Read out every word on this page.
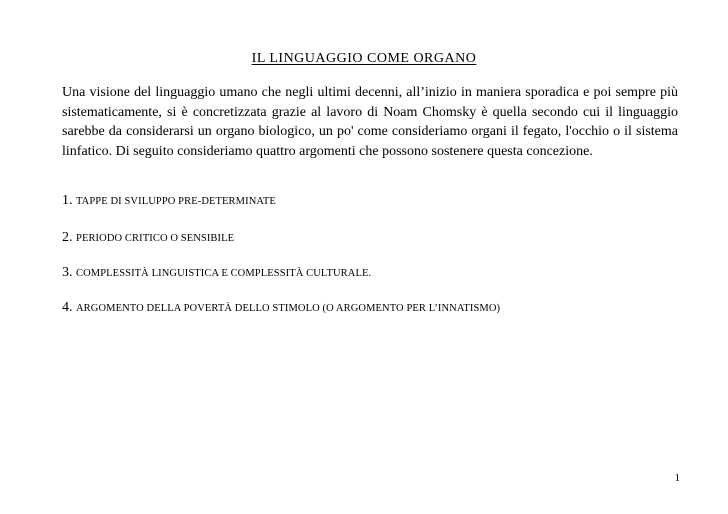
IL LINGUAGGIO COME ORGANO

Una visione del linguaggio umano che negli ultimi decenni, all’inizio in maniera sporadica e poi sempre più sistematicamente, si è concretizzata grazie al lavoro di Noam Chomsky è quella secondo cui il linguaggio sarebbe da considerarsi un organo biologico, un po' come consideriamo organi il fegato, l'occhio o il sistema linfatico. Di seguito consideriamo quattro argomenti che possono sostenere questa concezione.

1. TAPPE DI SVILUPPO PRE-DETERMINATE

2. PERIODO CRITICO O SENSIBILE

3. COMPLESSITÀ LINGUISTICA E COMPLESSITÀ CULTURALE.

4. ARGOMENTO DELLA POVERTÀ DELLO STIMOLO (O ARGOMENTO PER L’INNATISMO)

1
